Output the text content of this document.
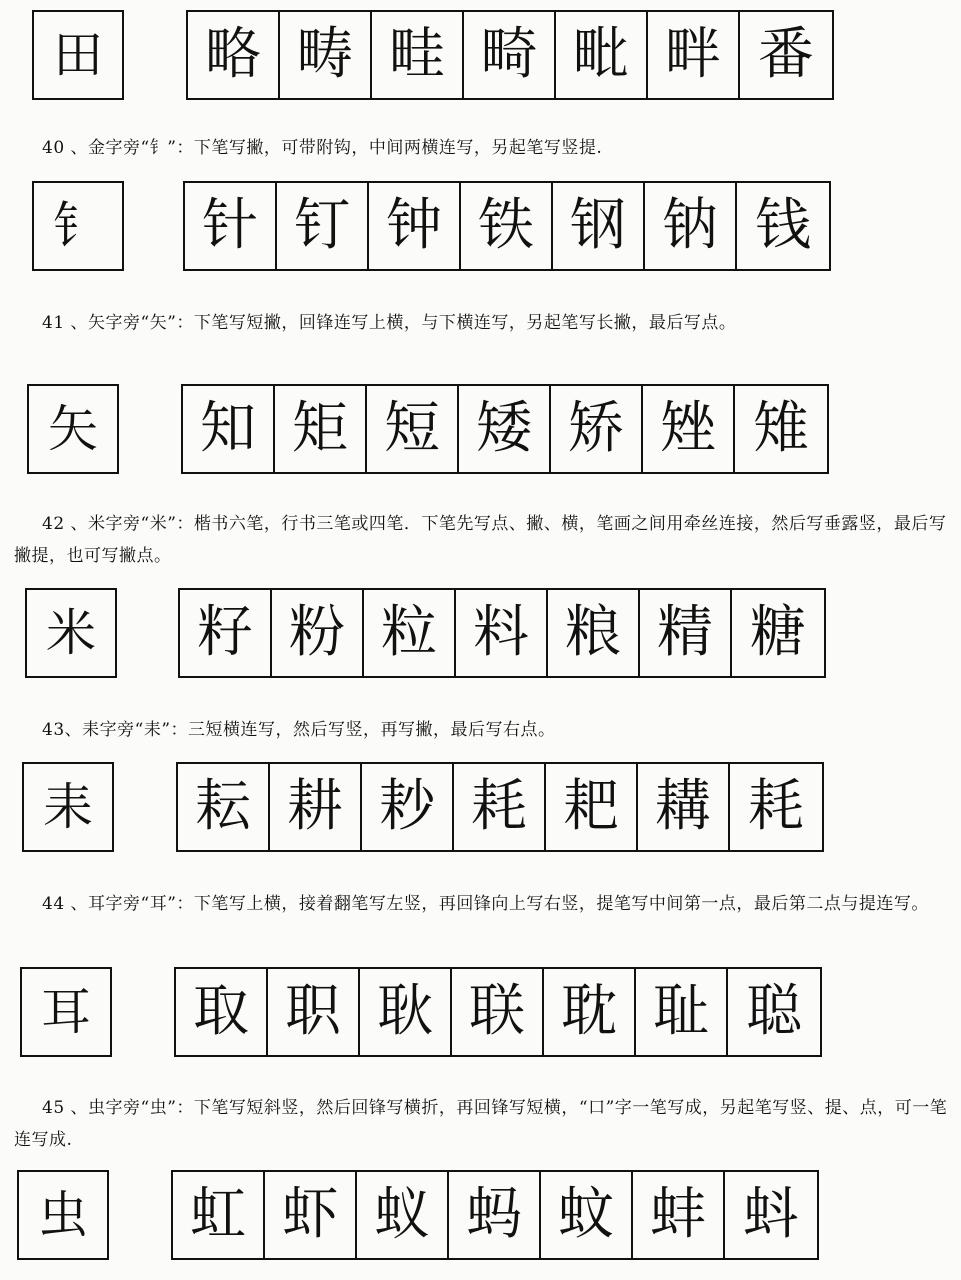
田	略 畴 畦 畸 毗 畔 番

40 、金字旁“钅”：下笔写撇，可带附钩，中间两横连写，另起笔写竖提.

钅	针 钉 钟 铁 钢 钠 钱

41 、矢字旁“矢”：下笔写短撇，回锋连写上横，与下横连写，另起笔写长撇，最后写点。

矢	知 矩 短 矮 矫 矬 雉

42 、米字旁“米”：楷书六笔，行书三笔或四笔．下笔先写点、撇、横，笔画之间用牵丝连接，然后写垂露竖，最后写撇提，也可写撇点。

米	籽 粉 粒 料 粮 精 糖

43、耒字旁“耒”：三短横连写，然后写竖，再写撇，最后写右点。

耒	耘 耕 耖 耗 耙 耩 耗

44 、耳字旁“耳”：下笔写上横，接着翻笔写左竖，再回锋向上写右竖，提笔写中间第一点，最后第二点与提连写。

耳	取 职 耿 联 耽 耻 聪

45 、虫字旁“虫”：下笔写短斜竖，然后回锋写横折，再回锋写短横，“口”字一笔写成，另起笔写竖、提、点，可一笔连写成.

虫	虹 虾 蚁 蚂 蚊 蚌 蚪
